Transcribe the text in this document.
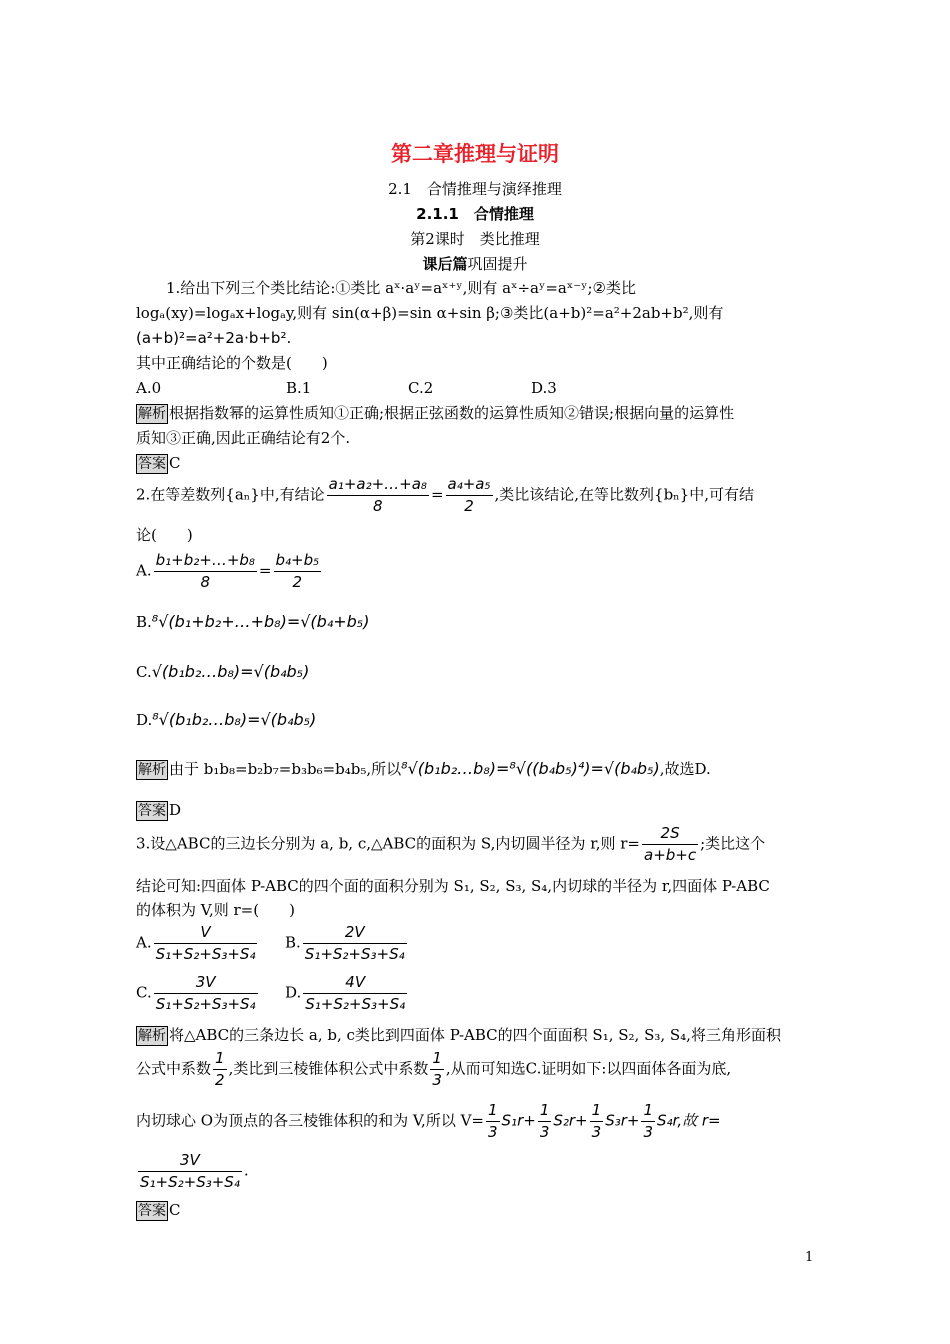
第二章推理与证明
2.1　合情推理与演绎推理
2.1.1　合情推理
第2课时　类比推理
课后篇巩固提升
1.给出下列三个类比结论:①类比 aˣ·aʸ=aˣ⁺ʸ,则有 aˣ÷aʸ=aˣ⁻ʸ;②类比
logₐ(xy)=logₐx+logₐy,则有 sin(α+β)=sin α+sin β;③类比(a+b)²=a²+2ab+b²,则有
(a+b)²=a²+2a·b+b².
其中正确结论的个数是(　　)
A.0	B.1	C.2	D.3
解析 根据指数幂的运算性质知①正确;根据正弦函数的运算性质知②错误;根据向量的运算性
质知③正确,因此正确结论有2个.
答案 C
2.在等差数列{aₙ}中,有结论 $\frac{\text{a₁+a₂+…+a₈}}{8} = \frac{\text{a₄+a₅}}{2}$ ,类比该结论,在等比数列{bₙ}中,可有结
论(　　)
A. $\frac{\text{b₁+b₂+…+b₈}}{8} = \frac{\text{b₄+b₅}}{2}$
B.⁸√(b₁+b₂+…+b₈)=√(b₄+b₅)
C.√(b₁b₂…b₈)=√(b₄b₅)
D.⁸√(b₁b₂…b₈)=√(b₄b₅)
解析 由于 b₁b₈=b₂b₇=b₃b₆=b₄b₅,所以⁸√(b₁b₂…b₈)=⁸√((b₄b₅)⁴)=√(b₄b₅),故选D.
答案 D
3.设△ABC的三边长分别为 a, b, c,△ABC的面积为 S,内切圆半径为 r,则 $r= \frac{2S}{a+b+c}$ ;类比这个
结论可知:四面体 P-ABC的四个面的面积分别为 S₁, S₂, S₃, S₄,内切球的半径为 r,四面体 P-ABC
的体积为 V,则 r=(　　)
A. $\frac{V}{\text{S₁+S₂+S₃+S₄}} B$. $\frac{2V}{\text{S₁+S₂+S₃+S₄}}$
C. $\frac{3V}{\text{S₁+S₂+S₃+S₄}} D$. $\frac{4V}{\text{S₁+S₂+S₃+S₄}}$
解析 将△ABC的三条边长 a, b, c类比到四面体 P-ABC的四个面面积 S₁, S₂, S₃, S₄,将三角形面积
公式中系数 $\frac{1}{2}$ ,类比到三棱锥体积公式中系数 $\frac{1}{3}$ ,从而可知选C.证明如下:以四面体各面为底,
内切球心 O为顶点的各三棱锥体积的和为 V,所以 $V= \frac{1}{3} S_1r+ \frac{1}{3} S_2r+ \frac{1}{3} S_3r+ \frac{1}{3} S_4r$,故 r=
$\frac{3V}{\text{S₁+S₂+S₃+S₄}}$ .
答案 C
1
